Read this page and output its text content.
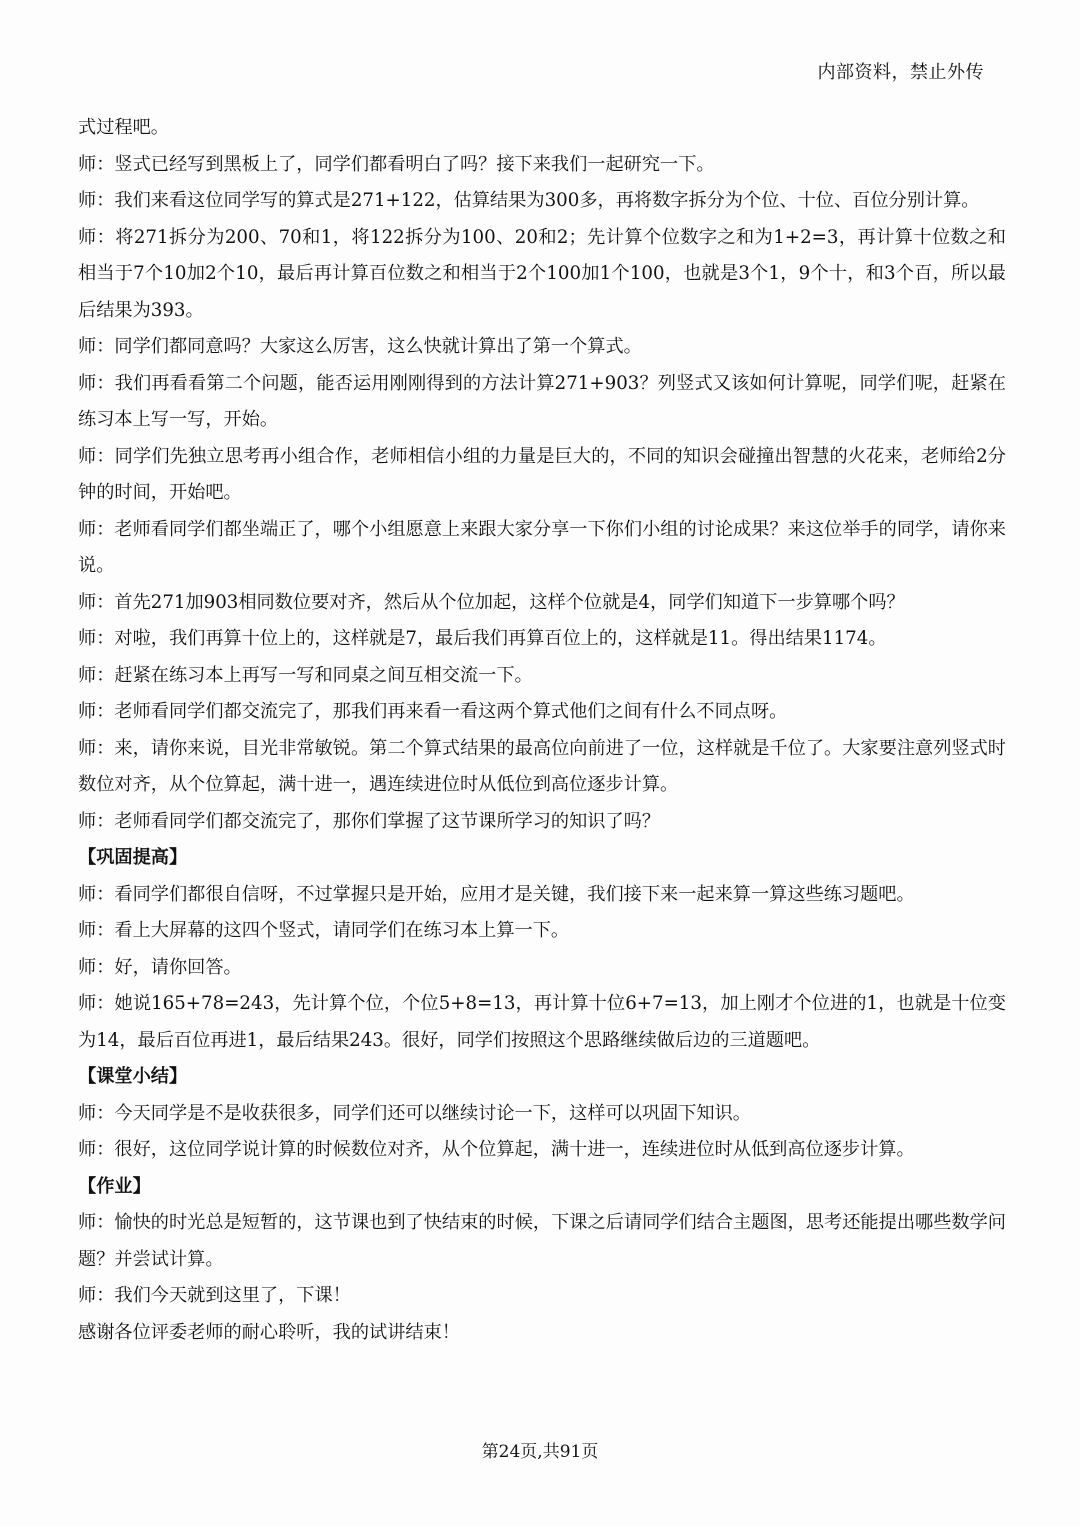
内部资料，禁止外传

式过程吧。

师：竖式已经写到黑板上了，同学们都看明白了吗？接下来我们一起研究一下。

师：我们来看这位同学写的算式是271+122，估算结果为300多，再将数字拆分为个位、十位、百位分别计算。

师：将271拆分为200、70和1，将122拆分为100、20和2；先计算个位数字之和为1+2=3，再计算十位数之和相当于7个10加2个10，最后再计算百位数之和相当于2个100加1个100，也就是3个1，9个十，和3个百，所以最后结果为393。

师：同学们都同意吗？大家这么厉害，这么快就计算出了第一个算式。

师：我们再看看第二个问题，能否运用刚刚得到的方法计算271+903？列竖式又该如何计算呢，同学们呢，赶紧在练习本上写一写，开始。

师：同学们先独立思考再小组合作，老师相信小组的力量是巨大的，不同的知识会碰撞出智慧的火花来，老师给2分钟的时间，开始吧。

师：老师看同学们都坐端正了，哪个小组愿意上来跟大家分享一下你们小组的讨论成果？来这位举手的同学，请你来说。

师：首先271加903相同数位要对齐，然后从个位加起，这样个位就是4，同学们知道下一步算哪个吗？

师：对啦，我们再算十位上的，这样就是7，最后我们再算百位上的，这样就是11。得出结果1174。

师：赶紧在练习本上再写一写和同桌之间互相交流一下。

师：老师看同学们都交流完了，那我们再来看一看这两个算式他们之间有什么不同点呀。

师：来，请你来说，目光非常敏锐。第二个算式结果的最高位向前进了一位，这样就是千位了。大家要注意列竖式时数位对齐，从个位算起，满十进一，遇连续进位时从低位到高位逐步计算。

师：老师看同学们都交流完了，那你们掌握了这节课所学习的知识了吗？

【巩固提高】

师：看同学们都很自信呀，不过掌握只是开始，应用才是关键，我们接下来一起来算一算这些练习题吧。

师：看上大屏幕的这四个竖式，请同学们在练习本上算一下。

师：好，请你回答。

师：她说165+78=243，先计算个位，个位5+8=13，再计算十位6+7=13，加上刚才个位进的1，也就是十位变为14，最后百位再进1，最后结果243。很好，同学们按照这个思路继续做后边的三道题吧。

【课堂小结】

师：今天同学是不是收获很多，同学们还可以继续讨论一下，这样可以巩固下知识。

师：很好，这位同学说计算的时候数位对齐，从个位算起，满十进一，连续进位时从低到高位逐步计算。

【作业】

师：愉快的时光总是短暂的，这节课也到了快结束的时候，下课之后请同学们结合主题图，思考还能提出哪些数学问题？并尝试计算。

师：我们今天就到这里了，下课！

感谢各位评委老师的耐心聆听，我的试讲结束！

第24页,共91页
